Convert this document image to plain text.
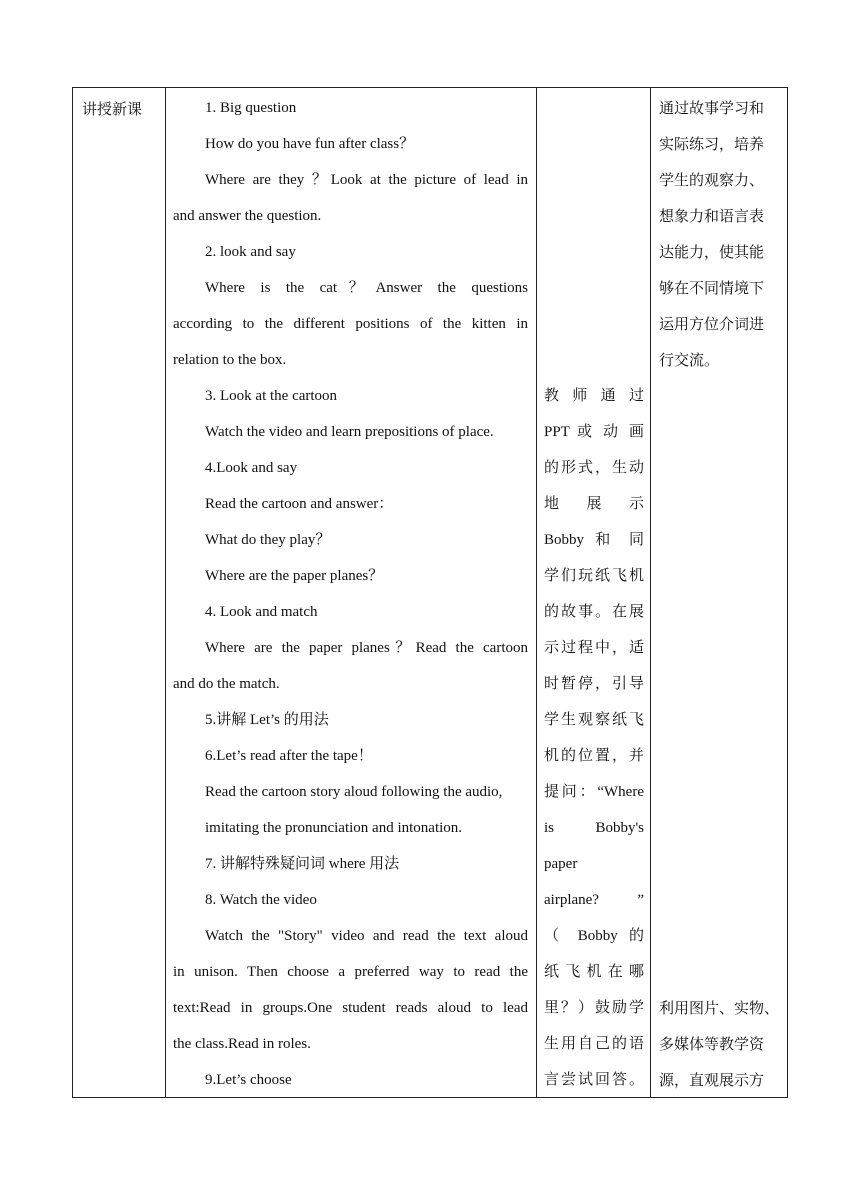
讲授新课	1. Big question
How do you have fun after class？
Where are they ？Look at the picture of lead in
and answer the question.
2. look and say
Where is the cat？Answer the questions
according to the different positions of the kitten in
relation to the box.
3. Look at the cartoon
Watch the video and learn prepositions of place.
4.Look and say
Read the cartoon and answer：
What do they play？
Where are the paper planes？
4. Look and match
Where are the paper planes？Read the cartoon
and do the match.
5.讲解 Let’s 的用法
6.Let’s read after the tape！
Read the cartoon story aloud following the audio,
imitating the pronunciation and intonation.
7. 讲解特殊疑问词 where 用法
8. Watch the video
Watch the "Story" video and read the text aloud
in unison. Then choose a preferred way to read the
text:Read in groups.One student reads aloud to lead
the class.Read in roles.
9.Let’s choose
教 师 通 过
PPT 或 动 画
的形式，生动
地 展 示
Bobby 和 同
学们玩纸飞机
的故事。在展
示过程中，适
时暂停，引导
学生观察纸飞
机的位置，并
提问：“Where
is Bobby's
paper
airplane? ”
（ Bobby 的
纸 飞 机 在 哪
里？）鼓励学
生用自己的语
言尝试回答。
通过故事学习和
实际练习，培养
学生的观察力、
想象力和语言表
达能力，使其能
够在不同情境下
运用方位介词进
行交流。
利用图片、实物、
多媒体等教学资
源，直观展示方
